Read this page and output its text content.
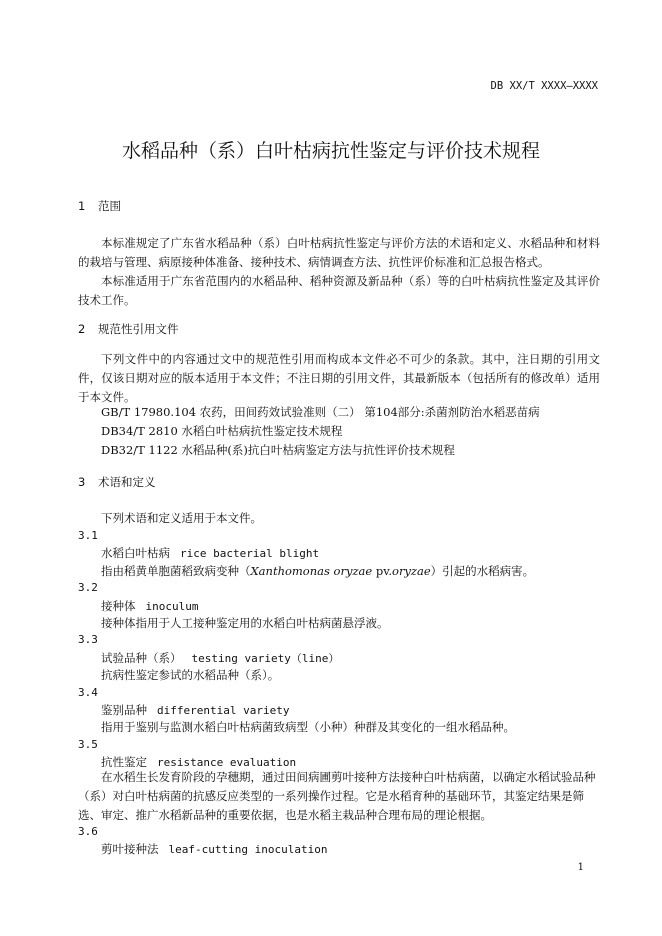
DB XX/T XXXX—XXXX
水稻品种（系）白叶枯病抗性鉴定与评价技术规程
1 范围

本标准规定了广东省水稻品种（系）白叶枯病抗性鉴定与评价方法的术语和定义、水稻品种和材料的栽培与管理、病原接种体准备、接种技术、病情调查方法、抗性评价标准和汇总报告格式。

本标准适用于广东省范围内的水稻品种、稻种资源及新品种（系）等的白叶枯病抗性鉴定及其评价技术工作。

2 规范性引用文件

下列文件中的内容通过文中的规范性引用而构成本文件必不可少的条款。其中，注日期的引用文件，仅该日期对应的版本适用于本文件；不注日期的引用文件，其最新版本（包括所有的修改单）适用于本文件。

GB/T 17980.104 农药，田间药效试验准则（二） 第104部分:杀菌剂防治水稻恶苗病
DB34/T 2810 水稻白叶枯病抗性鉴定技术规程
DB32/T 1122 水稻品种(系)抗白叶枯病鉴定方法与抗性评价技术规程
3 术语和定义
下列术语和定义适用于本文件。
3.1
水稻白叶枯病 rice bacterial blight
指由稻黄单胞菌稻致病变种（Xanthomonas oryzae pv.oryzae）引起的水稻病害。
3.2
接种体 inoculum
接种体指用于人工接种鉴定用的水稻白叶枯病菌悬浮液。
3.3
试验品种（系） testing variety（line）
抗病性鉴定参试的水稻品种（系）。
3.4
鉴别品种 differential variety
指用于鉴别与监测水稻白叶枯病菌致病型（小种）种群及其变化的一组水稻品种。
3.5
抗性鉴定 resistance evaluation

在水稻生长发育阶段的孕穗期，通过田间病圃剪叶接种方法接种白叶枯病菌，以确定水稻试验品种（系）对白叶枯病菌的抗感反应类型的一系列操作过程。它是水稻育种的基础环节，其鉴定结果是筛选、审定、推广水稻新品种的重要依据，也是水稻主栽品种合理布局的理论根据。

3.6
剪叶接种法 leaf-cutting inoculation
1
